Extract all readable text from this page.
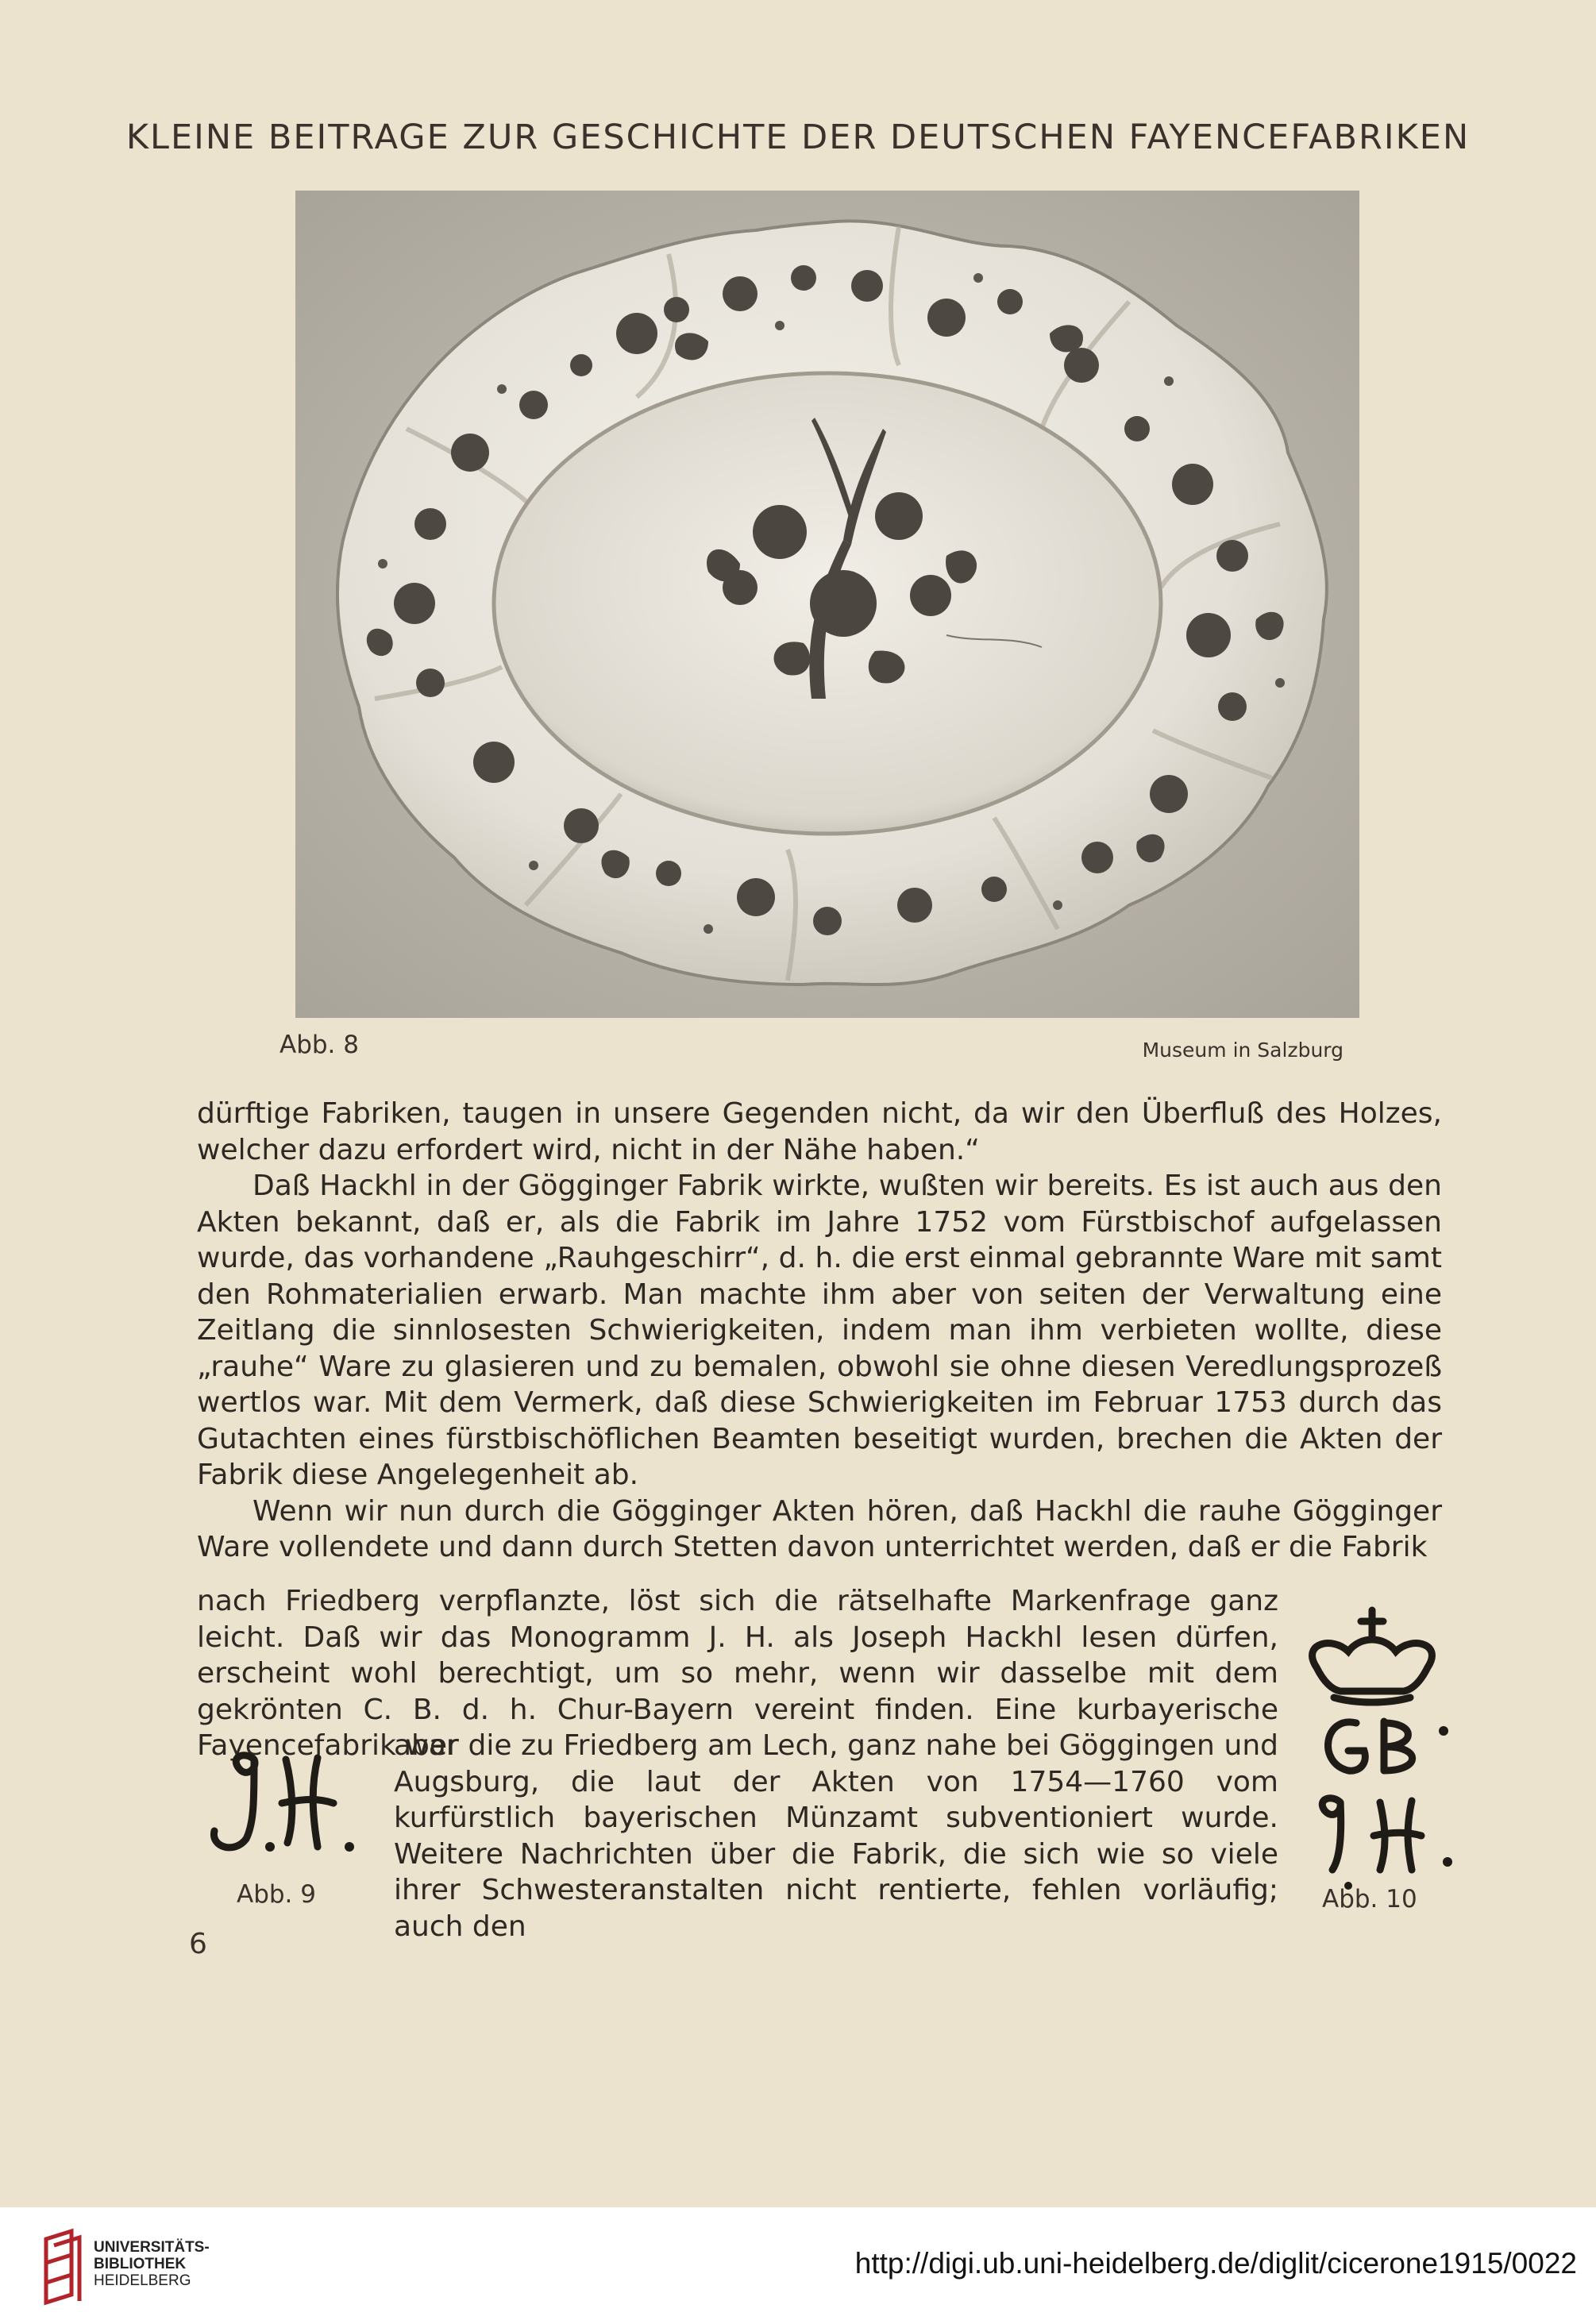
KLEINE BEITRAGE ZUR GESCHICHTE DER DEUTSCHEN FAYENCEFABRIKEN
Abb. 8	Museum in Salzburg

dürftige Fabriken, taugen in unsere Gegenden nicht, da wir den Überfluß des Holzes, welcher dazu erfordert wird, nicht in der Nähe haben.“

Daß Hackhl in der Gögginger Fabrik wirkte, wußten wir bereits. Es ist auch aus den Akten bekannt, daß er, als die Fabrik im Jahre 1752 vom Fürstbischof aufgelassen wurde, das vorhandene „Rauhgeschirr“, d. h. die erst einmal gebrannte Ware mit samt den Rohmaterialien erwarb. Man machte ihm aber von seiten der Verwaltung eine Zeitlang die sinnlosesten Schwierigkeiten, indem man ihm verbieten wollte, diese „rauhe“ Ware zu glasieren und zu bemalen, obwohl sie ohne diesen Veredlungsprozeß wertlos war. Mit dem Vermerk, daß diese Schwierigkeiten im Februar 1753 durch das Gutachten eines fürstbischöflichen Beamten beseitigt wurden, brechen die Akten der Fabrik diese Angelegenheit ab.

Wenn wir nun durch die Gögginger Akten hören, daß Hackhl die rauhe Gögginger Ware vollendete und dann durch Stetten davon unterrichtet werden, daß er die Fabrik

nach Friedberg verpflanzte, löst sich die rätselhafte Markenfrage ganz leicht. Daß wir das Monogramm J. H. als Joseph Hackhl lesen dürfen, erscheint wohl berechtigt, um so mehr, wenn wir dasselbe mit dem gekrönten C. B. d. h. Chur-Bayern vereint finden. Eine kurbayerische Fayencefabrik war
aber die zu Friedberg am Lech, ganz nahe bei Göggingen und Augsburg, die laut der Akten von 1754—1760 vom kurfürstlich bayerischen Münzamt subventioniert wurde. Weitere Nachrichten über die Fabrik, die sich wie so viele ihrer Schwesteranstalten nicht rentierte, fehlen vorläufig; auch den
Abb. 9	Abb. 10
6
UNIVERSITÄTS-
BIBLIOTHEK
HEIDELBERG
http://digi.ub.uni-heidelberg.de/diglit/cicerone1915/0022
